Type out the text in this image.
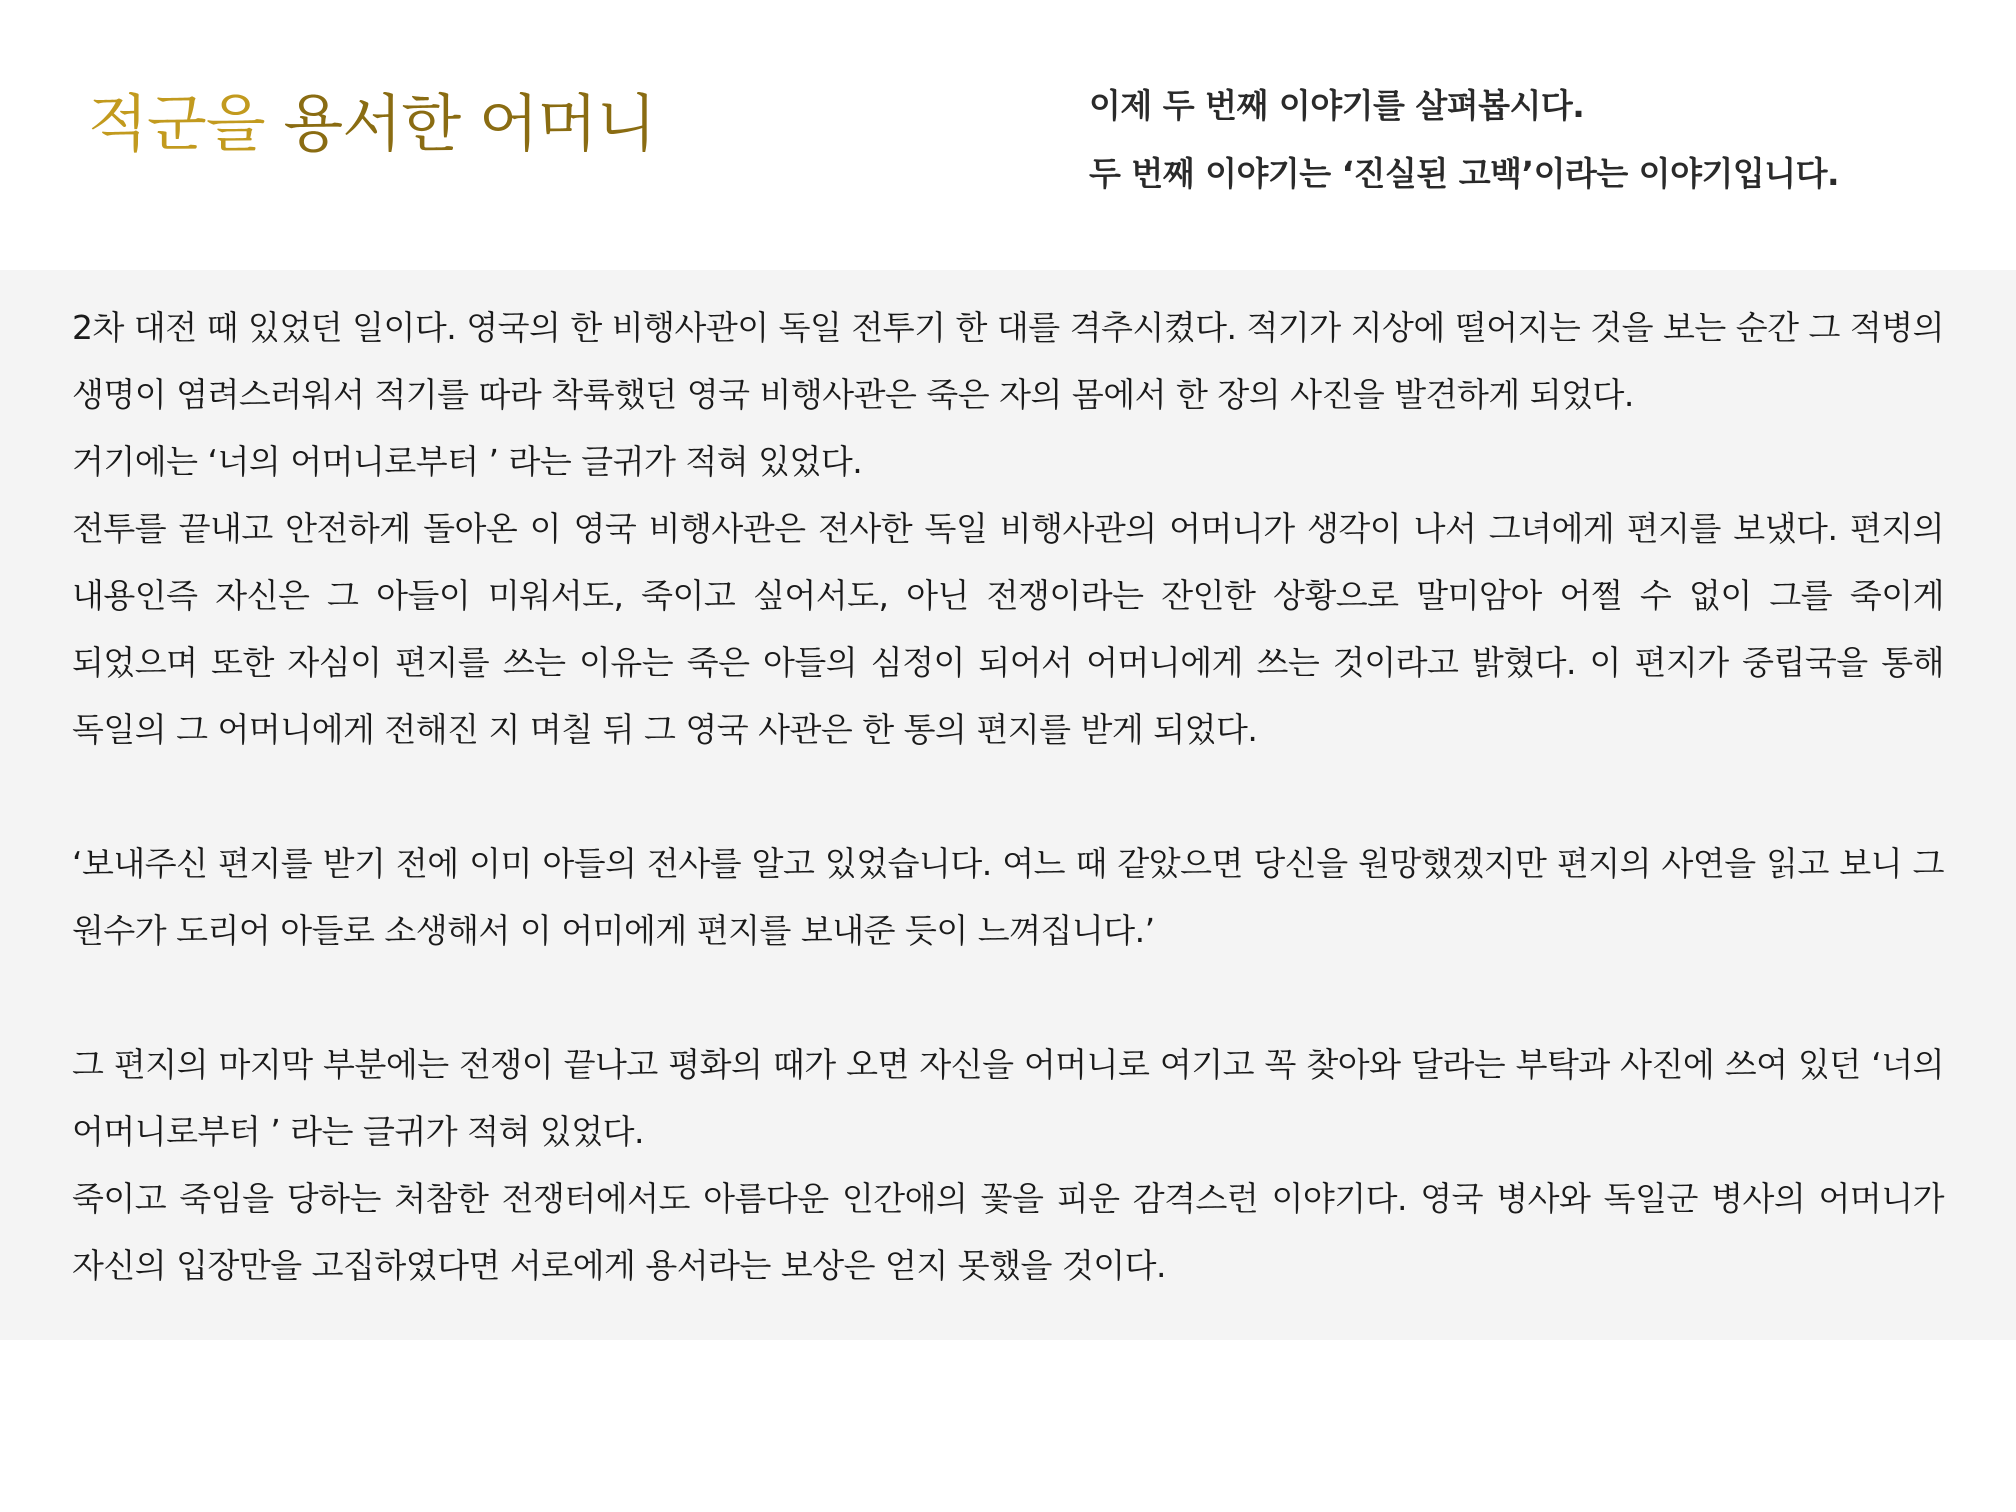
적군을 용서한 어머니	이제 두 번째 이야기를 살펴봅시다.

두 번째 이야기는 ‘진실된 고백’이라는 이야기입니다.

2차 대전 때 있었던 일이다. 영국의 한 비행사관이 독일 전투기 한 대를 격추시켰다. 적기가 지상에 떨어지는 것을 보는 순간 그 적병의 생명이 염려스러워서 적기를 따라 착륙했던 영국 비행사관은 죽은 자의 몸에서 한 장의 사진을 발견하게 되었다.

거기에는 ‘너의 어머니로부터 ’ 라는 글귀가 적혀 있었다.

전투를 끝내고 안전하게 돌아온 이 영국 비행사관은 전사한 독일 비행사관의 어머니가 생각이 나서 그녀에게 편지를 보냈다. 편지의 내용인즉 자신은 그 아들이 미워서도, 죽이고 싶어서도, 아닌 전쟁이라는 잔인한 상황으로 말미암아 어쩔 수 없이 그를 죽이게 되었으며 또한 자심이 편지를 쓰는 이유는 죽은 아들의 심정이 되어서 어머니에게 쓰는 것이라고 밝혔다. 이 편지가 중립국을 통해 독일의 그 어머니에게 전해진 지 며칠 뒤 그 영국 사관은 한 통의 편지를 받게 되었다.

‘보내주신 편지를 받기 전에 이미 아들의 전사를 알고 있었습니다. 여느 때 같았으면 당신을 원망했겠지만 편지의 사연을 읽고 보니 그 원수가 도리어 아들로 소생해서 이 어미에게 편지를 보내준 듯이 느껴집니다.’

그 편지의 마지막 부분에는 전쟁이 끝나고 평화의 때가 오면 자신을 어머니로 여기고 꼭 찾아와 달라는 부탁과 사진에 쓰여 있던 ‘너의 어머니로부터 ’ 라는 글귀가 적혀 있었다.

죽이고 죽임을 당하는 처참한 전쟁터에서도 아름다운 인간애의 꽃을 피운 감격스런 이야기다. 영국 병사와 독일군 병사의 어머니가 자신의 입장만을 고집하였다면 서로에게 용서라는 보상은 얻지 못했을 것이다.
